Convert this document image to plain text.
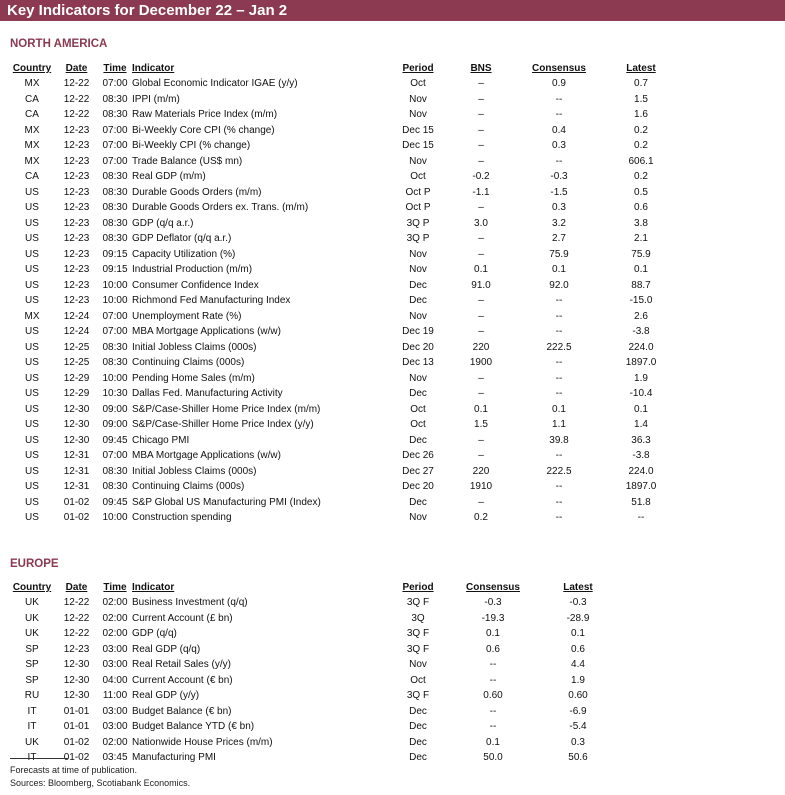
Key Indicators for December 22 – Jan 2
NORTH AMERICA
Country	Date	Time	Indicator	Period	BNS	Consensus	Latest
MX	12-22	07:00	Global Economic Indicator IGAE (y/y)	Oct	–	0.9	0.7
CA	12-22	08:30	IPPI (m/m)	Nov	–	--	1.5
CA	12-22	08:30	Raw Materials Price Index (m/m)	Nov	–	--	1.6
MX	12-23	07:00	Bi-Weekly Core CPI (% change)	Dec 15	–	0.4	0.2
MX	12-23	07:00	Bi-Weekly CPI (% change)	Dec 15	–	0.3	0.2
MX	12-23	07:00	Trade Balance (US$ mn)	Nov	–	--	606.1
CA	12-23	08:30	Real GDP (m/m)	Oct	-0.2	-0.3	0.2
US	12-23	08:30	Durable Goods Orders (m/m)	Oct P	-1.1	-1.5	0.5
US	12-23	08:30	Durable Goods Orders ex. Trans. (m/m)	Oct P	–	0.3	0.6
US	12-23	08:30	GDP (q/q a.r.)	3Q P	3.0	3.2	3.8
US	12-23	08:30	GDP Deflator (q/q a.r.)	3Q P	–	2.7	2.1
US	12-23	09:15	Capacity Utilization (%)	Nov	–	75.9	75.9
US	12-23	09:15	Industrial Production (m/m)	Nov	0.1	0.1	0.1
US	12-23	10:00	Consumer Confidence Index	Dec	91.0	92.0	88.7
US	12-23	10:00	Richmond Fed Manufacturing Index	Dec	–	--	-15.0
MX	12-24	07:00	Unemployment Rate (%)	Nov	–	--	2.6
US	12-24	07:00	MBA Mortgage Applications (w/w)	Dec 19	–	--	-3.8
US	12-25	08:30	Initial Jobless Claims (000s)	Dec 20	220	222.5	224.0
US	12-25	08:30	Continuing Claims (000s)	Dec 13	1900	--	1897.0
US	12-29	10:00	Pending Home Sales (m/m)	Nov	–	--	1.9
US	12-29	10:30	Dallas Fed. Manufacturing Activity	Dec	–	--	-10.4
US	12-30	09:00	S&P/Case-Shiller Home Price Index (m/m)	Oct	0.1	0.1	0.1
US	12-30	09:00	S&P/Case-Shiller Home Price Index (y/y)	Oct	1.5	1.1	1.4
US	12-30	09:45	Chicago PMI	Dec	–	39.8	36.3
US	12-31	07:00	MBA Mortgage Applications (w/w)	Dec 26	–	--	-3.8
US	12-31	08:30	Initial Jobless Claims (000s)	Dec 27	220	222.5	224.0
US	12-31	08:30	Continuing Claims (000s)	Dec 20	1910	--	1897.0
US	01-02	09:45	S&P Global US Manufacturing PMI (Index)	Dec	–	--	51.8
US	01-02	10:00	Construction spending	Nov	0.2	--	--
EUROPE
Country	Date	Time	Indicator	Period	Consensus	Latest
UK	12-22	02:00	Business Investment (q/q)	3Q F	-0.3	-0.3
UK	12-22	02:00	Current Account (£ bn)	3Q	-19.3	-28.9
UK	12-22	02:00	GDP (q/q)	3Q F	0.1	0.1
SP	12-23	03:00	Real GDP (q/q)	3Q F	0.6	0.6
SP	12-30	03:00	Real Retail Sales (y/y)	Nov	--	4.4
SP	12-30	04:00	Current Account (€ bn)	Oct	--	1.9
RU	12-30	11:00	Real GDP (y/y)	3Q F	0.60	0.60
IT	01-01	03:00	Budget Balance (€ bn)	Dec	--	-6.9
IT	01-01	03:00	Budget Balance YTD (€ bn)	Dec	--	-5.4
UK	01-02	02:00	Nationwide House Prices (m/m)	Dec	0.1	0.3
IT	01-02	03:45	Manufacturing PMI	Dec	50.0	50.6
Forecasts at time of publication.
Sources: Bloomberg, Scotiabank Economics.
